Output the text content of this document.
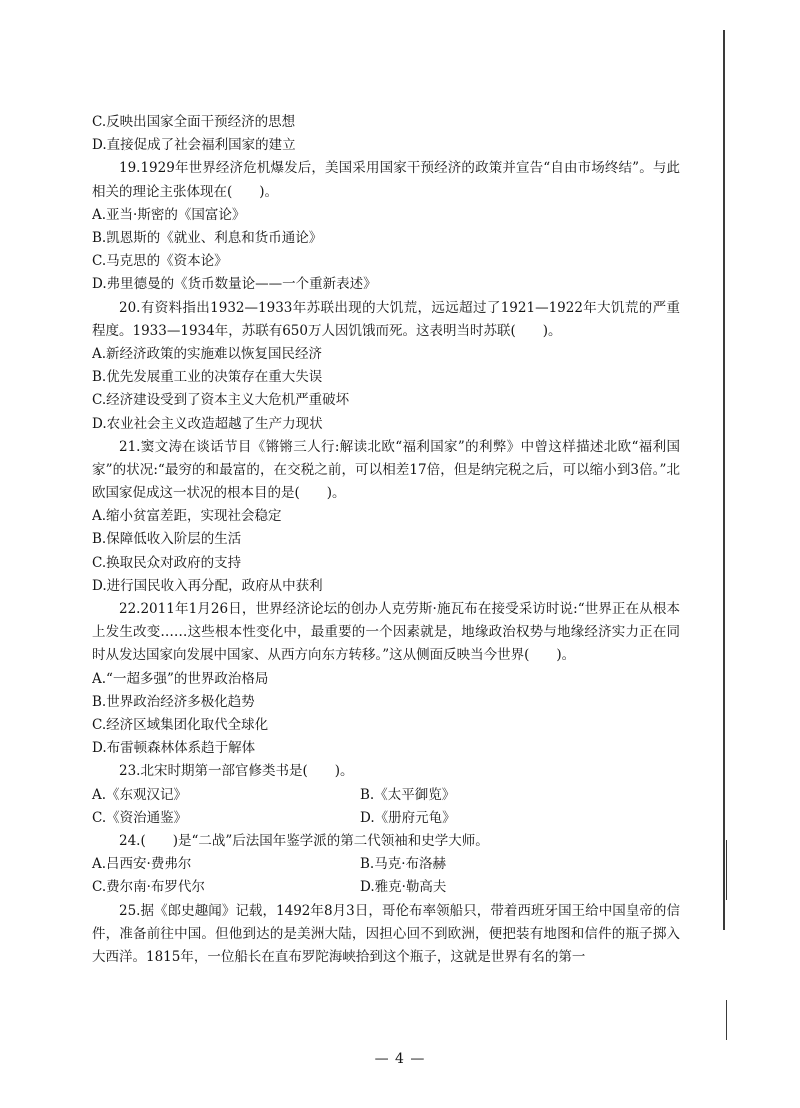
C.反映出国家全面干预经济的思想
D.直接促成了社会福利国家的建立
19.1929年世界经济危机爆发后，美国采用国家干预经济的政策并宣告“自由市场终结”。与此相关的理论主张体现在(　　)。
A.亚当·斯密的《国富论》
B.凯恩斯的《就业、利息和货币通论》
C.马克思的《资本论》
D.弗里德曼的《货币数量论——一个重新表述》
20.有资料指出1932—1933年苏联出现的大饥荒，远远超过了1921—1922年大饥荒的严重程度。1933—1934年，苏联有650万人因饥饿而死。这表明当时苏联(　　)。
A.新经济政策的实施难以恢复国民经济
B.优先发展重工业的决策存在重大失误
C.经济建设受到了资本主义大危机严重破坏
D.农业社会主义改造超越了生产力现状
21.窦文涛在谈话节目《锵锵三人行:解读北欧“福利国家”的利弊》中曾这样描述北欧“福利国家”的状况:“最穷的和最富的，在交税之前，可以相差17倍，但是纳完税之后，可以缩小到3倍。”北欧国家促成这一状况的根本目的是(　　)。
A.缩小贫富差距，实现社会稳定
B.保障低收入阶层的生活
C.换取民众对政府的支持
D.进行国民收入再分配，政府从中获利
22.2011年1月26日，世界经济论坛的创办人克劳斯·施瓦布在接受采访时说:“世界正在从根本上发生改变……这些根本性变化中，最重要的一个因素就是，地缘政治权势与地缘经济实力正在同时从发达国家向发展中国家、从西方向东方转移。”这从侧面反映当今世界(　　)。
A.“一超多强”的世界政治格局
B.世界政治经济多极化趋势
C.经济区域集团化取代全球化
D.布雷顿森林体系趋于解体
23.北宋时期第一部官修类书是(　　)。
A.《东观汉记》	B.《太平御览》
C.《资治通鉴》	D.《册府元龟》
24.(　　)是“二战”后法国年鉴学派的第二代领袖和史学大师。
A.吕西安·费弗尔	B.马克·布洛赫
C.费尔南·布罗代尔	D.雅克·勒高夫
25.据《郎史趣闻》记载，1492年8月3日，哥伦布率领船只，带着西班牙国王给中国皇帝的信件，准备前往中国。但他到达的是美洲大陆，因担心回不到欧洲，便把装有地图和信件的瓶子掷入大西洋。1815年，一位船长在直布罗陀海峡拾到这个瓶子，这就是世界有名的第一
— 4 —
